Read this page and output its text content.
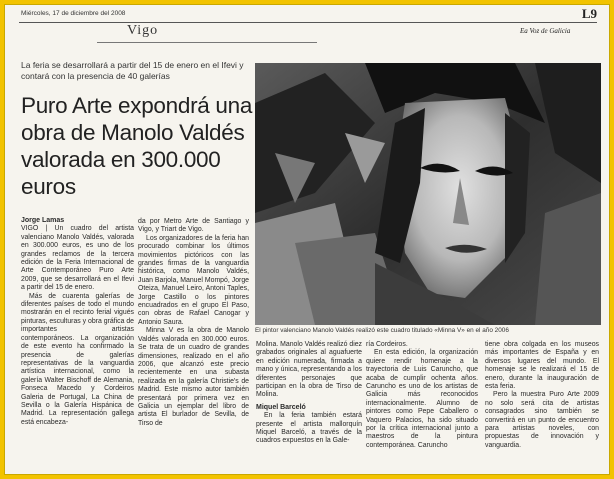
Miércoles, 17 de diciembre del 2008	L9
Vigo	Ea Voz de Galicia
La feria se desarrollará a partir del 15 de enero en el Ifevi y contará con la presencia de 40 galerías
Puro Arte expondrá una obra de Manolo Valdés valorada en 300.000 euros
El pintor valenciano Manolo Valdés realizó este cuadro titulado «Minna V» en el año 2006

Jorge Lamas

VIGO | Un cuadro del artista valenciano Manolo Valdés, valorada en 300.000 euros, es uno de los grandes reclamos de la tercera edición de la Feria Internacional de Arte Contemporáneo Puro Arte 2009, que se desarrollará en el Ifevi a partir del 15 de enero.

Más de cuarenta galerías de diferentes países de todo el mundo mostrarán en el recinto ferial vigués pinturas, esculturas y obra gráfica de importantes artistas contemporáneos. La organización de este evento ha confirmado la presencia de galerías representativas de la vanguardia artística internacional, como la galería Walter Bischoff de Alemania, Fonseca Macedo y Cordeiros Galeria de Portugal, La China de Sevilla o la Galería Hispánica de Madrid. La representación gallega está encabeza-

da por Metro Arte de Santiago y Vigo, y Triart de Vigo.

Los organizadores de la feria han procurado combinar los últimos movimientos pictóricos con las grandes firmas de la vanguardia histórica, como Manolo Valdés, Juan Barjola, Manuel Mompó, Jorge Oteiza, Manuel Leiro, Antoni Taples, Jorge Castillo o los pintores encuadrados en el grupo El Paso, con obras de Rafael Canogar y Antonio Saura.

Minna V es la obra de Manolo Valdés valorada en 300.000 euros. Se trata de un cuadro de grandes dimensiones, realizado en el año 2006, que alcanzó este precio recientemente en una subasta realizada en la galería Christie's de Madrid. Este mismo autor también presentará por primera vez en Galicia un ejemplar del libro de artista El burlador de Sevilla, de Tirso de

Molina. Manolo Valdés realizó diez grabados originales al aguafuerte en edición numerada, firmada a mano y única, representando a los diferentes personajes que participan en la obra de Tirso de Molina.

Miquel Barceló

En la feria también estará presente el artista mallorquín Miquel Barceló, a través de la cuadros expuestos en la Gale-

ría Cordeiros.

En esta edición, la organización quiere rendir homenaje a la trayectoria de Luis Caruncho, que acaba de cumplir ochenta años. Caruncho es uno de los artistas de Galicia más reconocidos internacionalmente. Alumno de pintores como Pepe Caballero o Vaquero Palacios, ha sido situado por la crítica internacional junto a maestros de la pintura contemporánea. Caruncho

tiene obra colgada en los museos más importantes de España y en diversos lugares del mundo. El homenaje se le realizará el 15 de enero, durante la inauguración de esta feria.

Pero la muestra Puro Arte 2009 no solo será cita de artistas consagrados sino también se convertirá en un punto de encuentro para artistas noveles, con propuestas de innovación y vanguardia.
